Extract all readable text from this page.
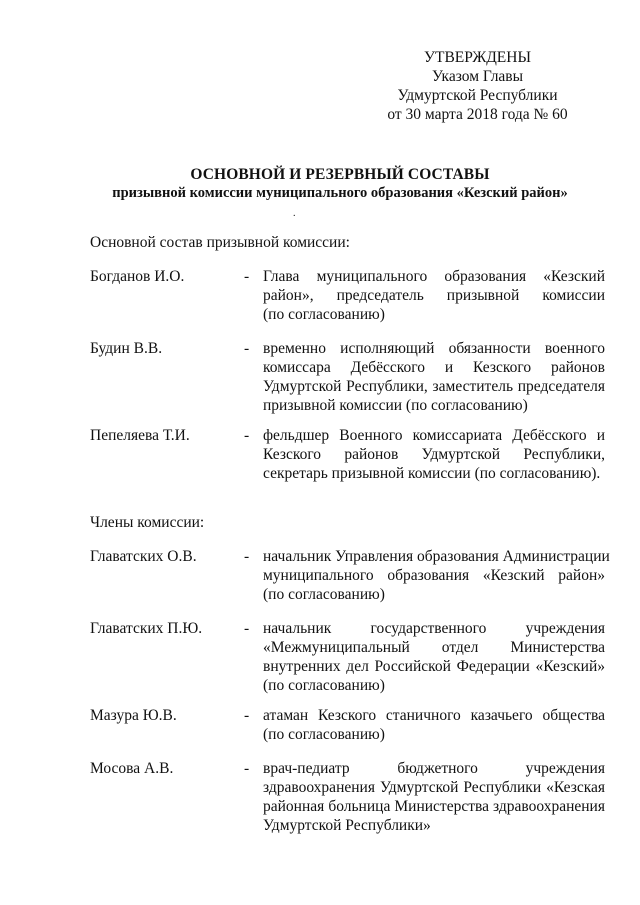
УТВЕРЖДЕНЫ
Указом Главы
Удмуртской Республики
от 30 марта 2018 года № 60
ОСНОВНОЙ И РЕЗЕРВНЫЙ СОСТАВЫ
призывной комиссии муниципального образования «Кезский район»
.
Основной состав призывной комиссии:
Богданов И.О.	- Глава муниципального образования «Кезский
район», председатель призывной комиссии
(по согласованию)
Будин В.В.	- временно исполняющий обязанности военного
комиссара Дебёсского и Кезского районов
Удмуртской Республики, заместитель председателя
призывной комиссии (по согласованию)
Пепеляева Т.И.	- фельдшер Военного комиссариата Дебёсского и
Кезского районов Удмуртской Республики,
секретарь призывной комиссии (по согласованию).
Члены комиссии:
Главатских О.В.	- начальник Управления образования Администрации
муниципального образования «Кезский район»
(по согласованию)
Главатских П.Ю.	- начальник государственного учреждения
«Межмуниципальный отдел Министерства
внутренних дел Российской Федерации «Кезский»
(по согласованию)
Мазура Ю.В.	- атаман Кезского станичного казачьего общества
(по согласованию)
Мосова А.В.	- врач-педиатр бюджетного учреждения
здравоохранения Удмуртской Республики «Кезская
районная больница Министерства здравоохранения
Удмуртской Республики»
